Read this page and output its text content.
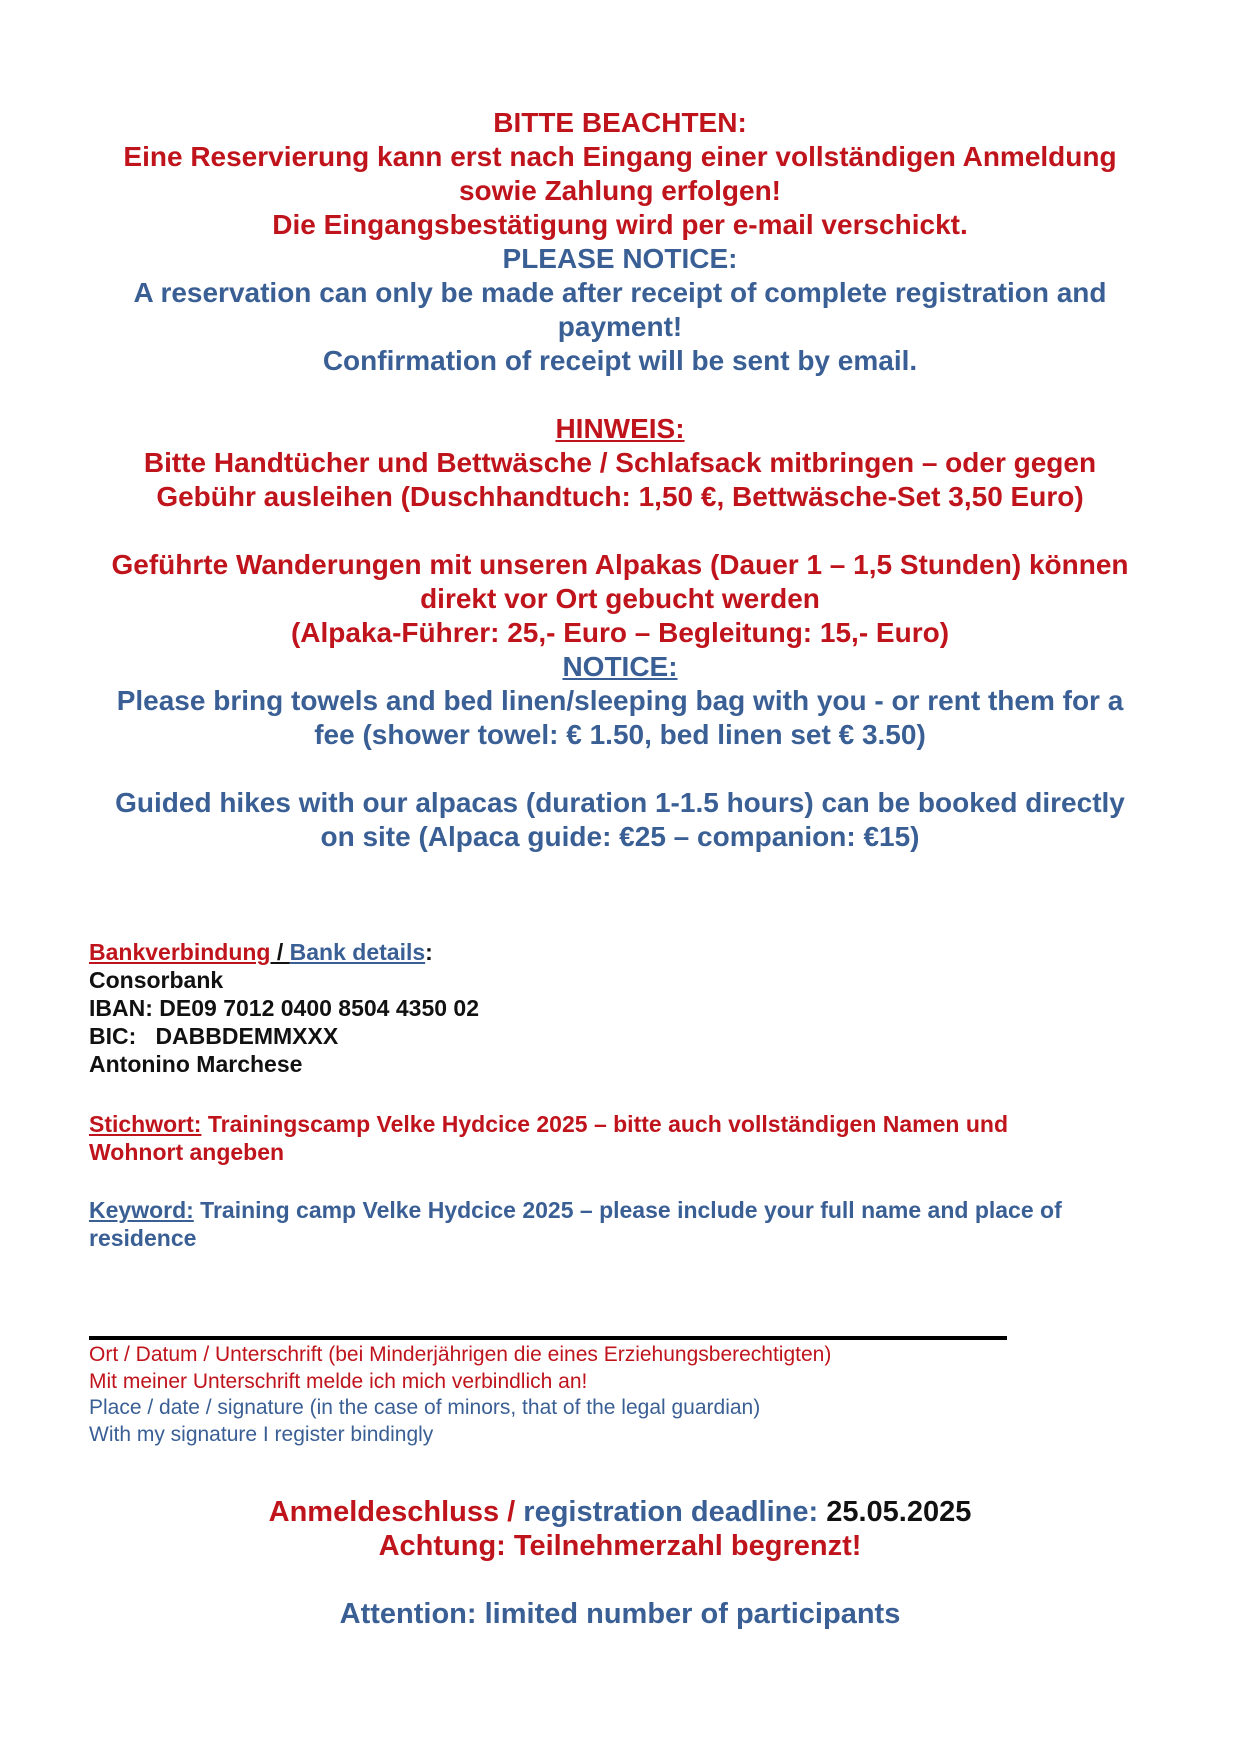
BITTE BEACHTEN:
Eine Reservierung kann erst nach Eingang einer vollständigen Anmeldung
sowie Zahlung erfolgen!
Die Eingangsbestätigung wird per e-mail verschickt.
PLEASE NOTICE:
A reservation can only be made after receipt of complete registration and
payment!
Confirmation of receipt will be sent by email.
HINWEIS:
Bitte Handtücher und Bettwäsche / Schlafsack mitbringen – oder gegen
Gebühr ausleihen (Duschhandtuch: 1,50 €, Bettwäsche-Set 3,50 Euro)
Geführte Wanderungen mit unseren Alpakas (Dauer 1 – 1,5 Stunden) können
direkt vor Ort gebucht werden
(Alpaka-Führer: 25,- Euro – Begleitung: 15,- Euro)
NOTICE:
Please bring towels and bed linen/sleeping bag with you - or rent them for a
fee (shower towel: € 1.50, bed linen set € 3.50)
Guided hikes with our alpacas (duration 1-1.5 hours) can be booked directly
on site (Alpaca guide: €25 – companion: €15)
Bankverbindung / Bank details:
Consorbank
IBAN: DE09 7012 0400 8504 4350 02
BIC:   DABBDEMMXXX
Antonino Marchese
Stichwort: Trainingscamp Velke Hydcice 2025 – bitte auch vollständigen Namen und
Wohnort angeben
Keyword: Training camp Velke Hydcice 2025 – please include your full name and place of
residence
Ort / Datum / Unterschrift (bei Minderjährigen die eines Erziehungsberechtigten)
Mit meiner Unterschrift melde ich mich verbindlich an!
Place / date / signature (in the case of minors, that of the legal guardian)
With my signature I register bindingly
Anmeldeschluss / registration deadline: 25.05.2025
Achtung: Teilnehmerzahl begrenzt!
Attention: limited number of participants
